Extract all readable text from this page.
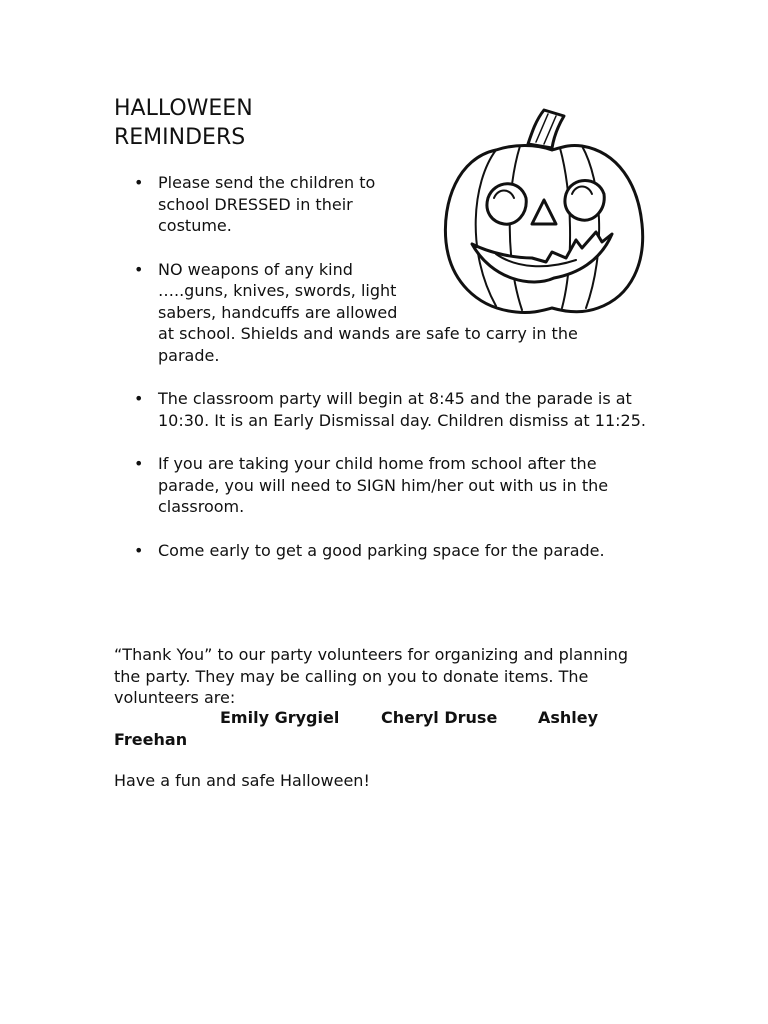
HALLOWEEN
REMINDERS
• Please send the children to school DRESSED in their costume.
• NO weapons of any kind …..guns, knives, swords, light sabers, handcuffs are allowed
at school. Shields and wands are safe to carry in the parade.
• The classroom party will begin at 8:45 and the parade is at 10:30. It is an Early Dismissal day. Children dismiss at 11:25.
• If you are taking your child home from school after the parade, you will need to SIGN him/her out with us in the classroom.
• Come early to get a good parking space for the parade.

“Thank You” to our party volunteers for organizing and planning the party. They may be calling on you to donate items. The volunteers are:

Emily Grygiel	Cheryl Druse	Ashley
Freehan

Have a fun and safe Halloween!
